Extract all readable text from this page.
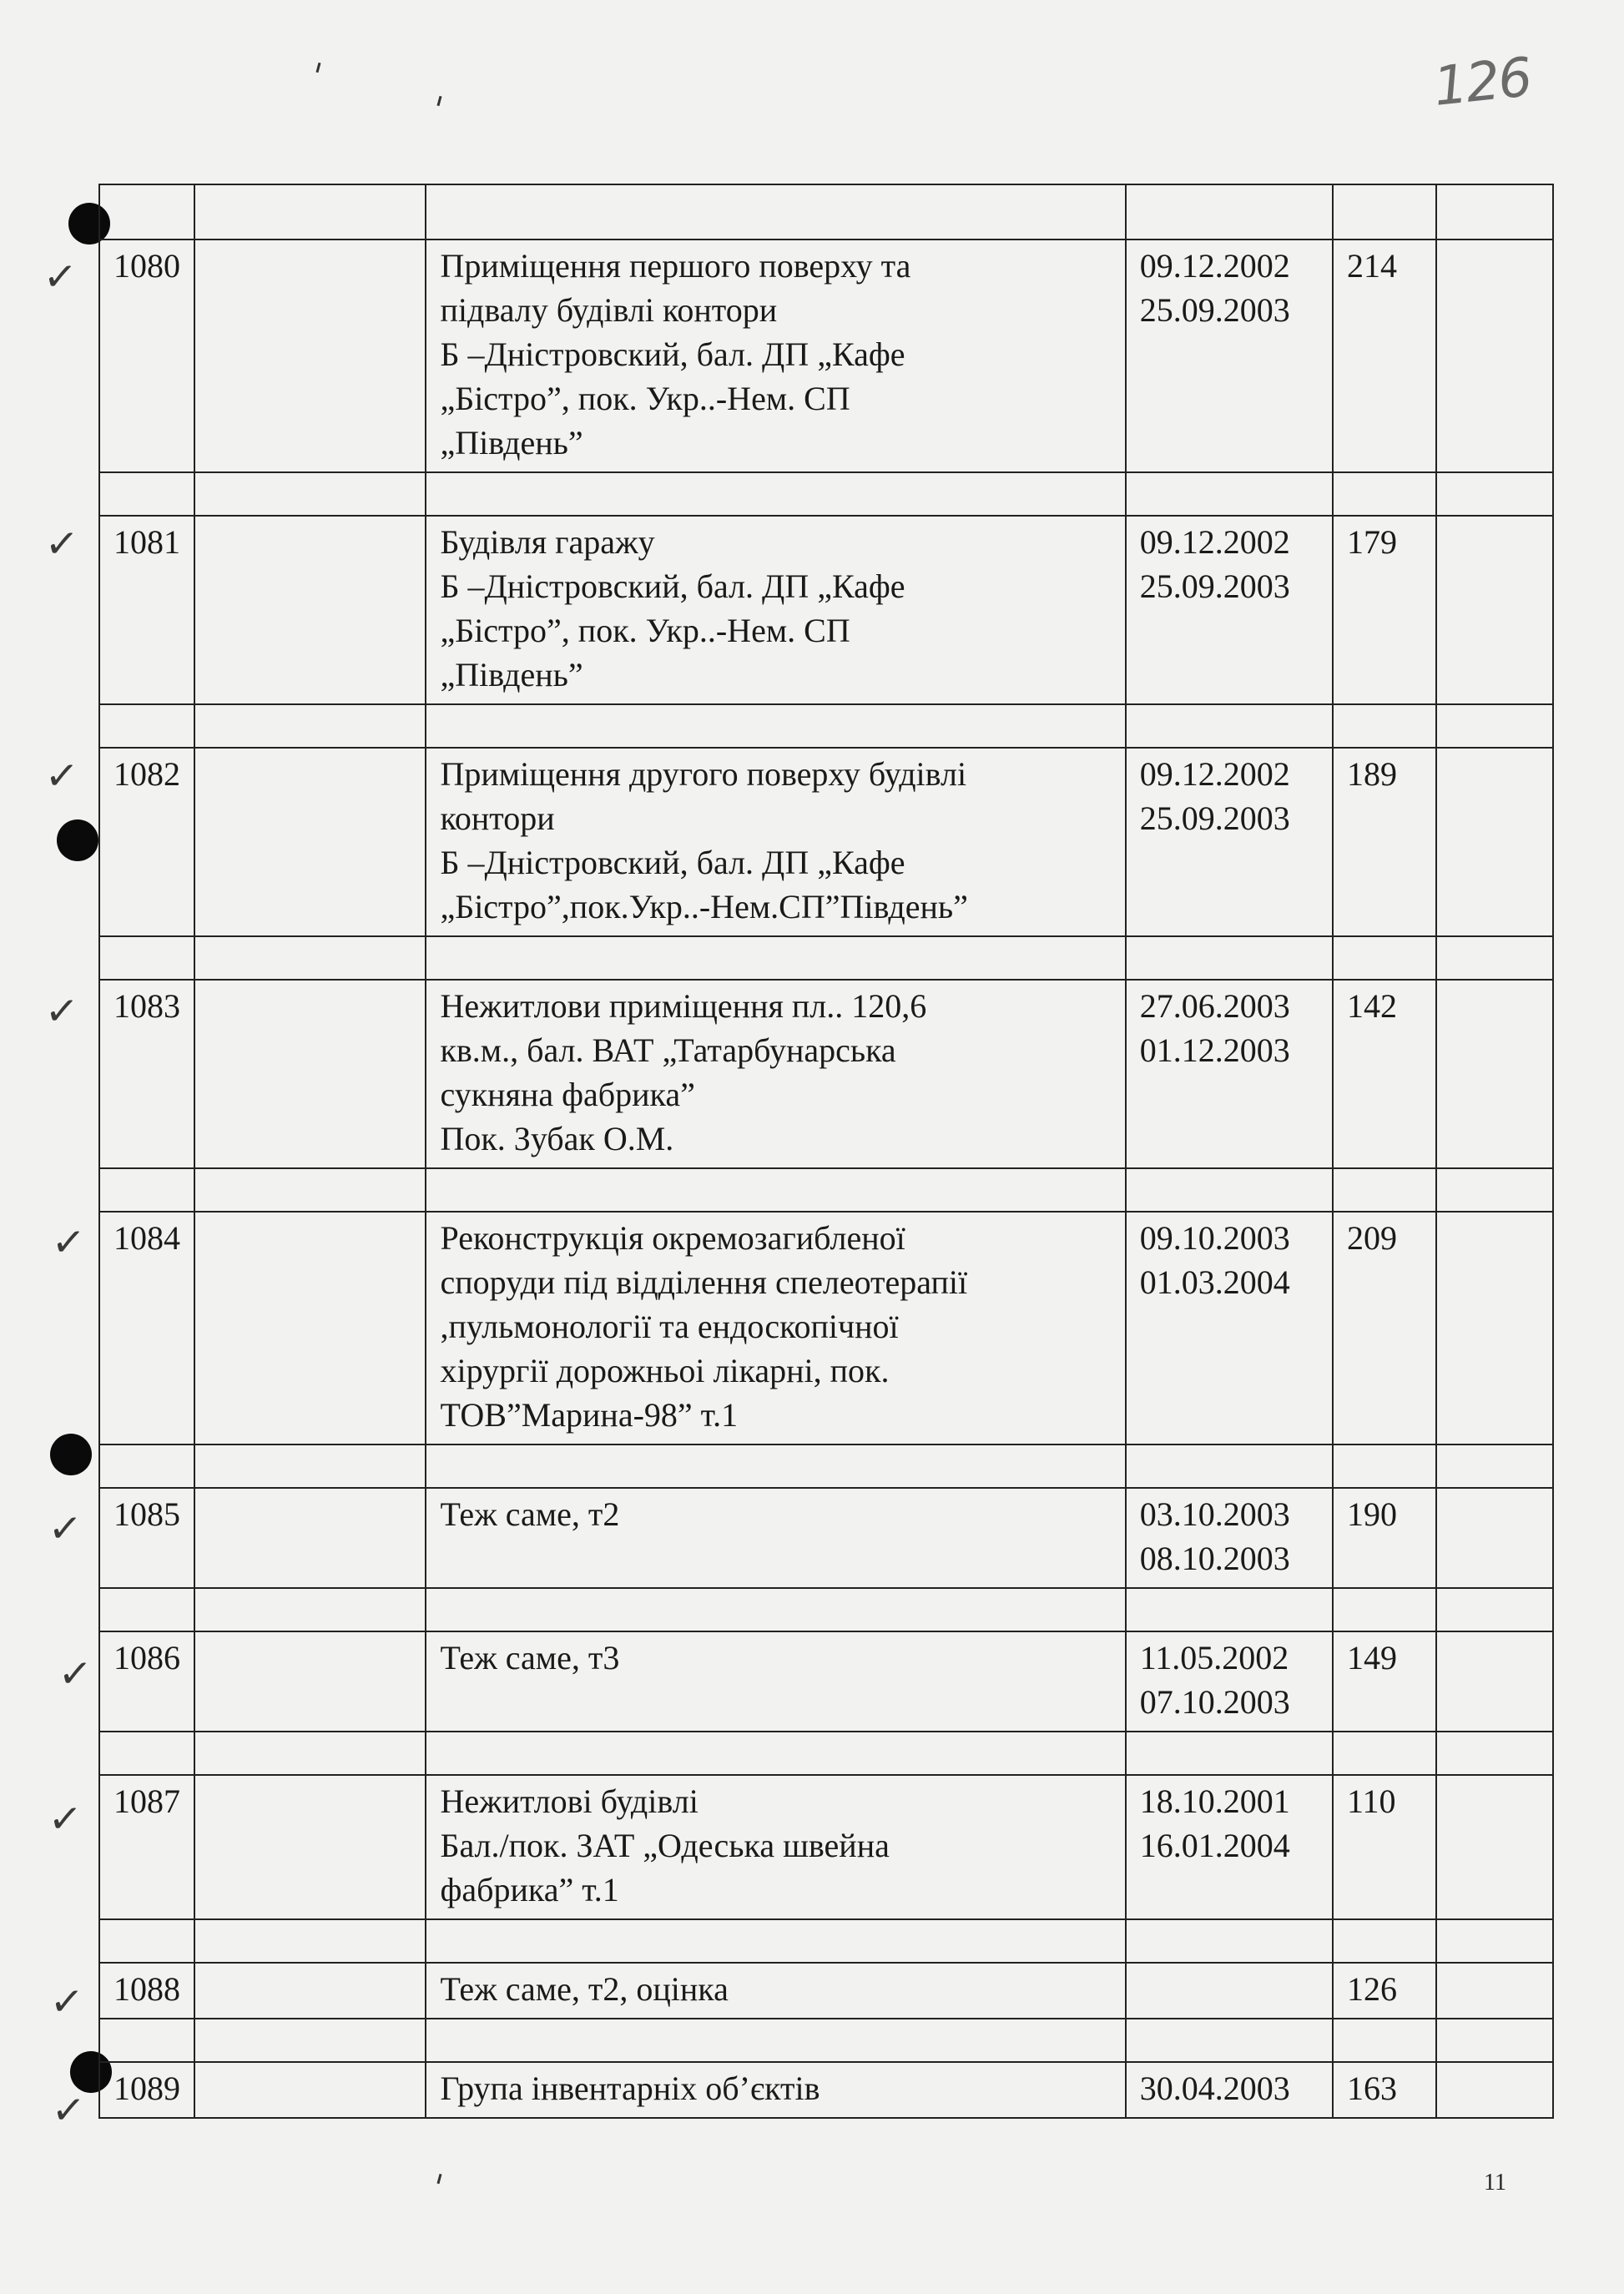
126
✓
✓
✓
✓
✓
✓
✓
✓
✓
✓

1080		Приміщення першого поверху та
підвалу будівлі контори
Б –Дністровский, бал. ДП „Кафе
„Бістро”, пок. Укр..-Нем. СП
„Південь”	09.12.2002
25.09.2003	214	

1081		Будівля гаражу
Б –Дністровский, бал. ДП „Кафе
„Бістро”, пок. Укр..-Нем. СП
„Південь”	09.12.2002
25.09.2003	179	

1082		Приміщення другого поверху будівлі
контори
Б –Дністровский, бал. ДП „Кафе
„Бістро”,пок.Укр..-Нем.СП”Південь”	09.12.2002
25.09.2003	189	

1083		Нежитлови приміщення пл.. 120,6
кв.м., бал. ВАТ „Татарбунарська
сукняна фабрика”
Пок. Зубак О.М.	27.06.2003
01.12.2003	142	

1084		Реконструкція окремозагибленої
споруди під відділення спелеотерапії
,пульмонології та ендоскопічної
хірургії дорожньоі лікарні, пок.
ТОВ”Марина-98” т.1	09.10.2003
01.03.2004	209	

1085		Теж саме, т2	03.10.2003
08.10.2003	190	

1086		Теж саме, т3	11.05.2002
07.10.2003	149	

1087		Нежитлові будівлі
Бал./пок. ЗАТ „Одеська швейна
фабрика” т.1	18.10.2001
16.01.2004	110	

1088		Теж саме, т2, оцінка		126	

1089		Група інвентарніх об’єктів	30.04.2003	163	
11
